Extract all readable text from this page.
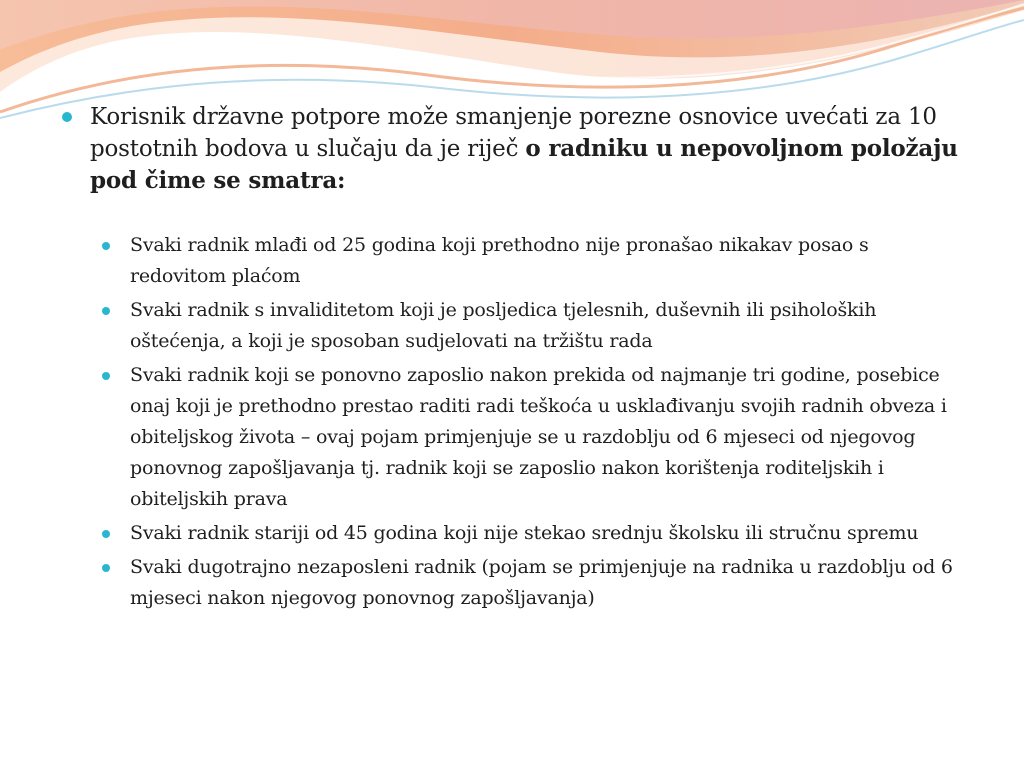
Korisnik državne potpore može smanjenje porezne osnovice uvećati za 10 postotnih bodova u slučaju da je riječ o radniku u nepovoljnom položaju pod čime se smatra:
Svaki radnik mlađi od 25 godina koji prethodno nije pronašao nikakav posao s redovitom plaćom
Svaki radnik s invaliditetom koji je posljedica tjelesnih, duševnih ili psiholoških oštećenja, a koji je sposoban sudjelovati na tržištu rada
Svaki radnik koji se ponovno zaposlio nakon prekida od najmanje tri godine, posebice onaj koji je prethodno prestao raditi radi teškoća u usklađivanju svojih radnih obveza i obiteljskog života – ovaj pojam primjenjuje se u razdoblju od 6 mjeseci od njegovog ponovnog zapošljavanja tj. radnik koji se zaposlio nakon korištenja roditeljskih i obiteljskih prava
Svaki radnik stariji od 45 godina koji nije stekao srednju školsku ili stručnu spremu
Svaki dugotrajno nezaposleni radnik (pojam se primjenjuje na radnika u razdoblju od 6 mjeseci nakon njegovog ponovnog zapošljavanja)
